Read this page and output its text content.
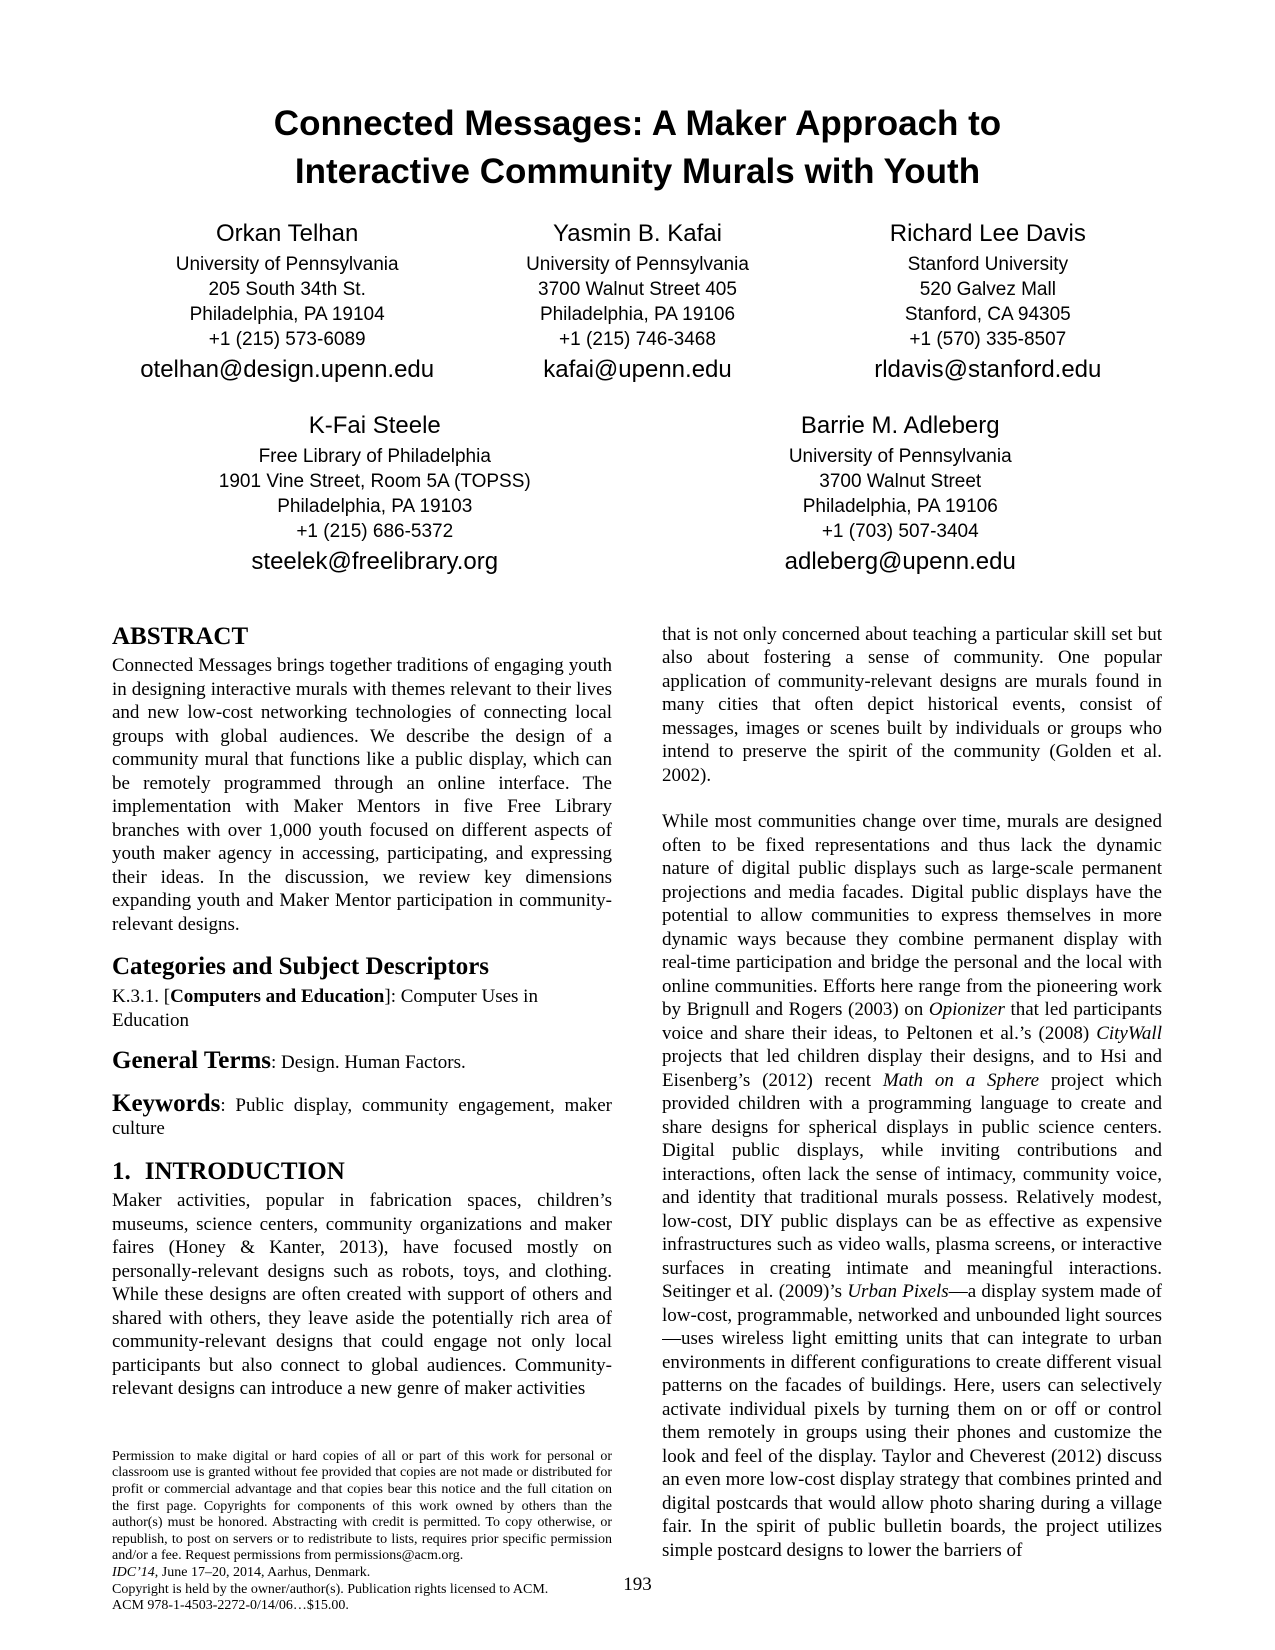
Connected Messages: A Maker Approach to
Interactive Community Murals with Youth
Orkan Telhan
University of Pennsylvania
205 South 34th St.
Philadelphia, PA 19104
+1 (215) 573-6089
otelhan@design.upenn.edu
Yasmin B. Kafai
University of Pennsylvania
3700 Walnut Street 405
Philadelphia, PA 19106
+1 (215) 746-3468
kafai@upenn.edu
Richard Lee Davis
Stanford University
520 Galvez Mall
Stanford, CA 94305
+1 (570) 335-8507
rldavis@stanford.edu
K-Fai Steele
Free Library of Philadelphia
1901 Vine Street, Room 5A (TOPSS)
Philadelphia, PA 19103
+1 (215) 686-5372
steelek@freelibrary.org
Barrie M. Adleberg
University of Pennsylvania
3700 Walnut Street
Philadelphia, PA 19106
+1 (703) 507-3404
adleberg@upenn.edu
ABSTRACT

Connected Messages brings together traditions of engaging youth in designing interactive murals with themes relevant to their lives and new low-cost networking technologies of connecting local groups with global audiences. We describe the design of a community mural that functions like a public display, which can be remotely programmed through an online interface. The implementation with Maker Mentors in five Free Library branches with over 1,000 youth focused on different aspects of youth maker agency in accessing, participating, and expressing their ideas. In the discussion, we review key dimensions expanding youth and Maker Mentor participation in community-relevant designs.

Categories and Subject Descriptors

K.3.1. [Computers and Education]: Computer Uses in Education

General Terms: Design. Human Factors.

Keywords: Public display, community engagement, maker culture

1. INTRODUCTION

Maker activities, popular in fabrication spaces, children’s museums, science centers, community organizations and maker faires (Honey & Kanter, 2013), have focused mostly on personally-relevant designs such as robots, toys, and clothing. While these designs are often created with support of others and shared with others, they leave aside the potentially rich area of community-relevant designs that could engage not only local participants but also connect to global audiences. Community-relevant designs can introduce a new genre of maker activities

Permission to make digital or hard copies of all or part of this work for personal or classroom use is granted without fee provided that copies are not made or distributed for profit or commercial advantage and that copies bear this notice and the full citation on the first page. Copyrights for components of this work owned by others than the author(s) must be honored. Abstracting with credit is permitted. To copy otherwise, or republish, to post on servers or to redistribute to lists, requires prior specific permission and/or a fee. Request permissions from permissions@acm.org.

IDC’14, June 17–20, 2014, Aarhus, Denmark.

Copyright is held by the owner/author(s). Publication rights licensed to ACM.

ACM 978-1-4503-2272-0/14/06…$15.00.

that is not only concerned about teaching a particular skill set but also about fostering a sense of community. One popular application of community-relevant designs are murals found in many cities that often depict historical events, consist of messages, images or scenes built by individuals or groups who intend to preserve the spirit of the community (Golden et al. 2002).

While most communities change over time, murals are designed often to be fixed representations and thus lack the dynamic nature of digital public displays such as large-scale permanent projections and media facades. Digital public displays have the potential to allow communities to express themselves in more dynamic ways because they combine permanent display with real-time participation and bridge the personal and the local with online communities. Efforts here range from the pioneering work by Brignull and Rogers (2003) on Opionizer that led participants voice and share their ideas, to Peltonen et al.’s (2008) CityWall projects that led children display their designs, and to Hsi and Eisenberg’s (2012) recent Math on a Sphere project which provided children with a programming language to create and share designs for spherical displays in public science centers. Digital public displays, while inviting contributions and interactions, often lack the sense of intimacy, community voice, and identity that traditional murals possess. Relatively modest, low-cost, DIY public displays can be as effective as expensive infrastructures such as video walls, plasma screens, or interactive surfaces in creating intimate and meaningful interactions. Seitinger et al. (2009)’s Urban Pixels—a display system made of low-cost, programmable, networked and unbounded light sources—uses wireless light emitting units that can integrate to urban environments in different configurations to create different visual patterns on the facades of buildings. Here, users can selectively activate individual pixels by turning them on or off or control them remotely in groups using their phones and customize the look and feel of the display. Taylor and Cheverest (2012) discuss an even more low-cost display strategy that combines printed and digital postcards that would allow photo sharing during a village fair. In the spirit of public bulletin boards, the project utilizes simple postcard designs to lower the barriers of

193
